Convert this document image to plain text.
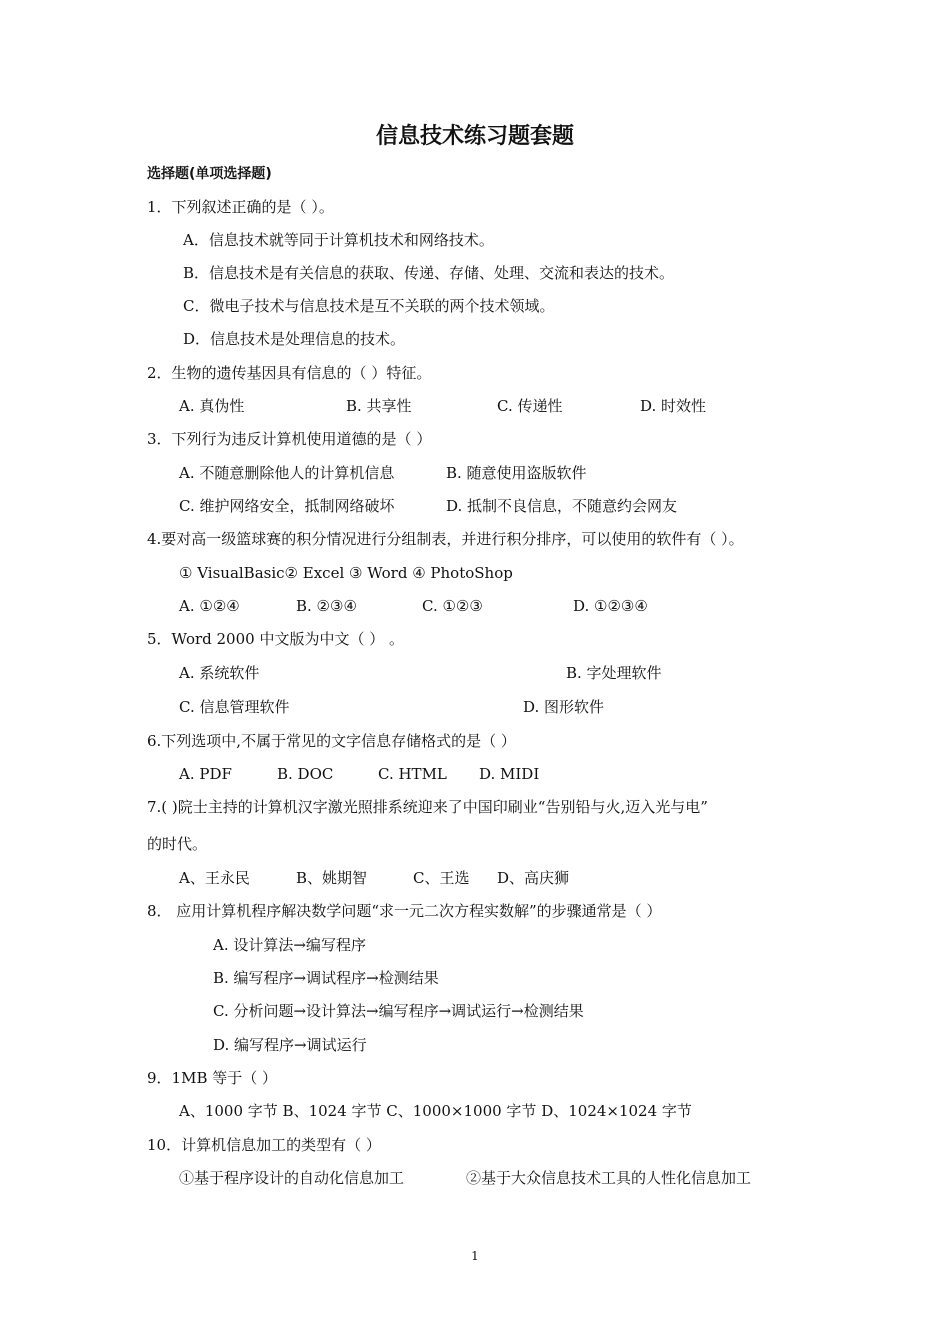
信息技术练习题套题
选择题(单项选择题)
1．下列叙述正确的是（ ）。
A．信息技术就等同于计算机技术和网络技术。
B．信息技术是有关信息的获取、传递、存储、处理、交流和表达的技术。
C．微电子技术与信息技术是互不关联的两个技术领域。
D．信息技术是处理信息的技术。
2．生物的遗传基因具有信息的（ ）特征。
A. 真伪性	B. 共享性	C. 传递性	D. 时效性
3．下列行为违反计算机使用道德的是（ ）
A. 不随意删除他人的计算机信息	B. 随意使用盗版软件
C. 维护网络安全，抵制网络破坏	D. 抵制不良信息，不随意约会网友
4.要对高一级篮球赛的积分情况进行分组制表，并进行积分排序，可以使用的软件有（ ）。
① VisualBasic② Excel ③ Word ④ PhotoShop
A. ①②④	B. ②③④	C. ①②③	D. ①②③④
5．Word 2000 中文版为中文（ ） 。
A. 系统软件	B. 字处理软件
C. 信息管理软件	D. 图形软件
6.下列选项中,不属于常见的文字信息存储格式的是（ ）
A. PDF	B. DOC	C. HTML D. MIDI
7.( )院士主持的计算机汉字激光照排系统迎来了中国印刷业“告别铅与火,迈入光与电”
的时代。
A、王永民	B、姚期智	C、王选 D、高庆狮
8． 应用计算机程序解决数学问题“求一元二次方程实数解”的步骤通常是（ ）
A. 设计算法→编写程序
B. 编写程序→调试程序→检测结果
C. 分析问题→设计算法→编写程序→调试运行→检测结果
D. 编写程序→调试运行
9．1MB 等于（ ）
A、1000 字节 B、1024 字节 C、1000×1000 字节 D、1024×1024 字节
10．计算机信息加工的类型有（ ）
①基于程序设计的自动化信息加工	②基于大众信息技术工具的人性化信息加工
1
